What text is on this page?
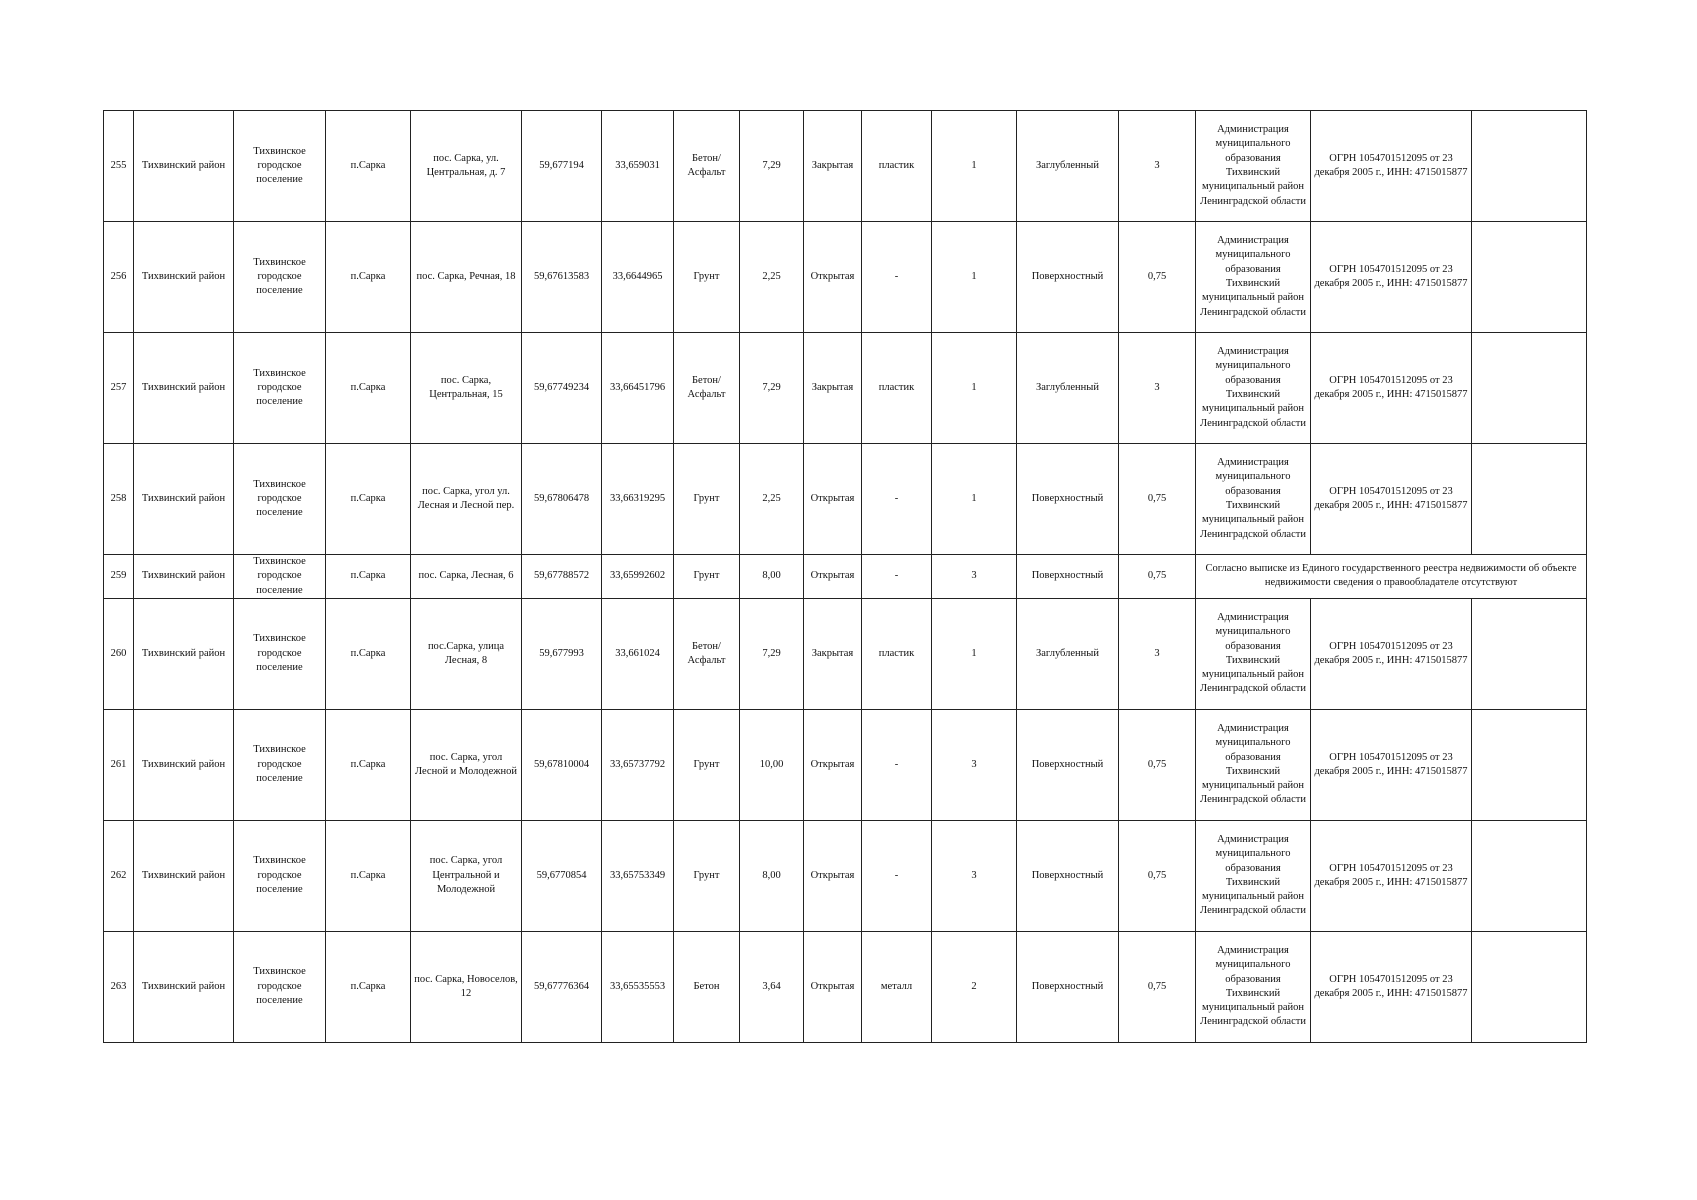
255	Тихвинский район	Тихвинское городское поселение	п.Сарка	пос. Сарка, ул. Центральная, д. 7	59,677194	33,659031	Бетон/Асфальт	7,29	Закрытая	пластик	1	Заглубленный	3	Администрация муниципального образования Тихвинский муниципальный район Ленинградской области	ОГРН 1054701512095 от 23 декабря 2005 г., ИНН: 4715015877	
256	Тихвинский район	Тихвинское городское поселение	п.Сарка	пос. Сарка, Речная, 18	59,67613583	33,6644965	Грунт	2,25	Открытая	-	1	Поверхностный	0,75	Администрация муниципального образования Тихвинский муниципальный район Ленинградской области	ОГРН 1054701512095 от 23 декабря 2005 г., ИНН: 4715015877	
257	Тихвинский район	Тихвинское городское поселение	п.Сарка	пос. Сарка, Центральная, 15	59,67749234	33,66451796	Бетон/Асфальт	7,29	Закрытая	пластик	1	Заглубленный	3	Администрация муниципального образования Тихвинский муниципальный район Ленинградской области	ОГРН 1054701512095 от 23 декабря 2005 г., ИНН: 4715015877	
258	Тихвинский район	Тихвинское городское поселение	п.Сарка	пос. Сарка, угол ул. Лесная и Лесной пер.	59,67806478	33,66319295	Грунт	2,25	Открытая	-	1	Поверхностный	0,75	Администрация муниципального образования Тихвинский муниципальный район Ленинградской области	ОГРН 1054701512095 от 23 декабря 2005 г., ИНН: 4715015877	
259	Тихвинский район	Тихвинское городское поселение	п.Сарка	пос. Сарка, Лесная, 6	59,67788572	33,65992602	Грунт	8,00	Открытая	-	3	Поверхностный	0,75	Согласно выписке из Единого государственного реестра недвижимости об объекте недвижимости сведения о правообладателе отсутствуют		
260	Тихвинский район	Тихвинское городское поселение	п.Сарка	пос.Сарка, улица Лесная, 8	59,677993	33,661024	Бетон/Асфальт	7,29	Закрытая	пластик	1	Заглубленный	3	Администрация муниципального образования Тихвинский муниципальный район Ленинградской области	ОГРН 1054701512095 от 23 декабря 2005 г., ИНН: 4715015877	
261	Тихвинский район	Тихвинское городское поселение	п.Сарка	пос. Сарка, угол Лесной и Молодежной	59,67810004	33,65737792	Грунт	10,00	Открытая	-	3	Поверхностный	0,75	Администрация муниципального образования Тихвинский муниципальный район Ленинградской области	ОГРН 1054701512095 от 23 декабря 2005 г., ИНН: 4715015877	
262	Тихвинский район	Тихвинское городское поселение	п.Сарка	пос. Сарка, угол Центральной и Молодежной	59,6770854	33,65753349	Грунт	8,00	Открытая	-	3	Поверхностный	0,75	Администрация муниципального образования Тихвинский муниципальный район Ленинградской области	ОГРН 1054701512095 от 23 декабря 2005 г., ИНН: 4715015877	
263	Тихвинский район	Тихвинское городское поселение	п.Сарка	пос. Сарка, Новоселов, 12	59,67776364	33,65535553	Бетон	3,64	Открытая	металл	2	Поверхностный	0,75	Администрация муниципального образования Тихвинский муниципальный район Ленинградской области	ОГРН 1054701512095 от 23 декабря 2005 г., ИНН: 4715015877	
